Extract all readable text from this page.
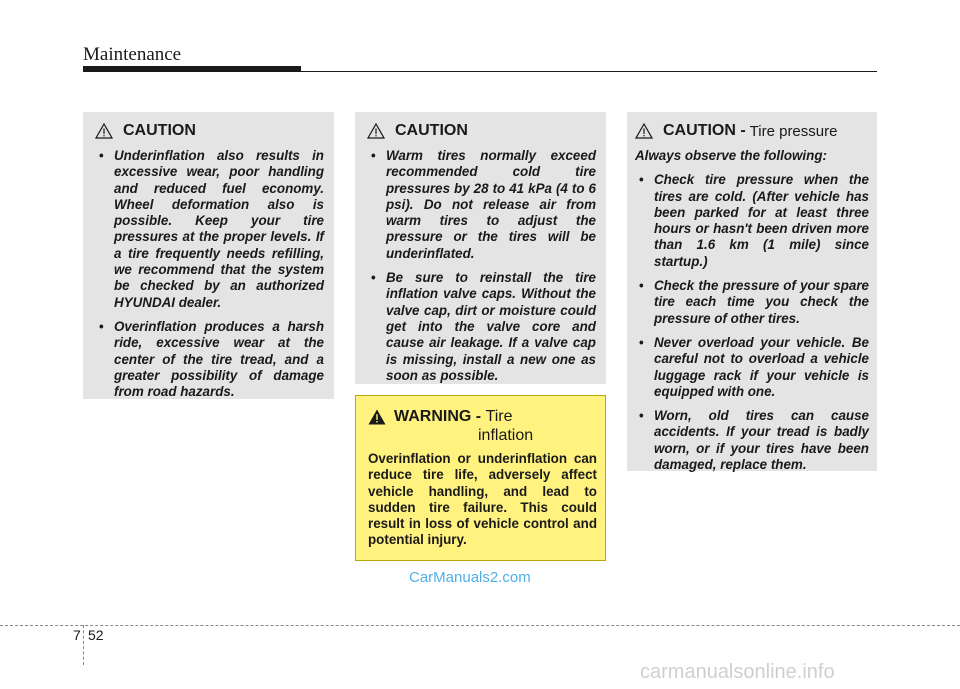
Maintenance
CAUTION
• Underinflation also results in excessive wear, poor handling and reduced fuel economy. Wheel deformation also is possible. Keep your tire pressures at the proper levels. If a tire frequently needs refilling, we recommend that the system be checked by an authorized HYUNDAI dealer.
• Overinflation produces a harsh ride, excessive wear at the center of the tire tread, and a greater possibility of damage from road hazards.
CAUTION
• Warm tires normally exceed recommended cold tire pressures by 28 to 41 kPa (4 to 6 psi). Do not release air from warm tires to adjust the pressure or the tires will be underinflated.
• Be sure to reinstall the tire inflation valve caps. Without the valve cap, dirt or moisture could get into the valve core and cause air leakage. If a valve cap is missing, install a new one as soon as possible.
WARNING - Tire
inflation
Overinflation or underinflation can reduce tire life, adversely affect vehicle handling, and lead to sudden tire failure. This could result in loss of vehicle control and potential injury.
CAUTION - Tire pressure
Always observe the following:
• Check tire pressure when the tires are cold. (After vehicle has been parked for at least three hours or hasn't been driven more than 1.6 km (1 mile) since startup.)
• Check the pressure of your spare tire each time you check the pressure of other tires.
• Never overload your vehicle. Be careful not to overload a vehicle luggage rack if your vehicle is equipped with one.
• Worn, old tires can cause accidents. If your tread is badly worn, or if your tires have been damaged, replace them.
CarManuals2.com
7 52
carmanualsonline.info
